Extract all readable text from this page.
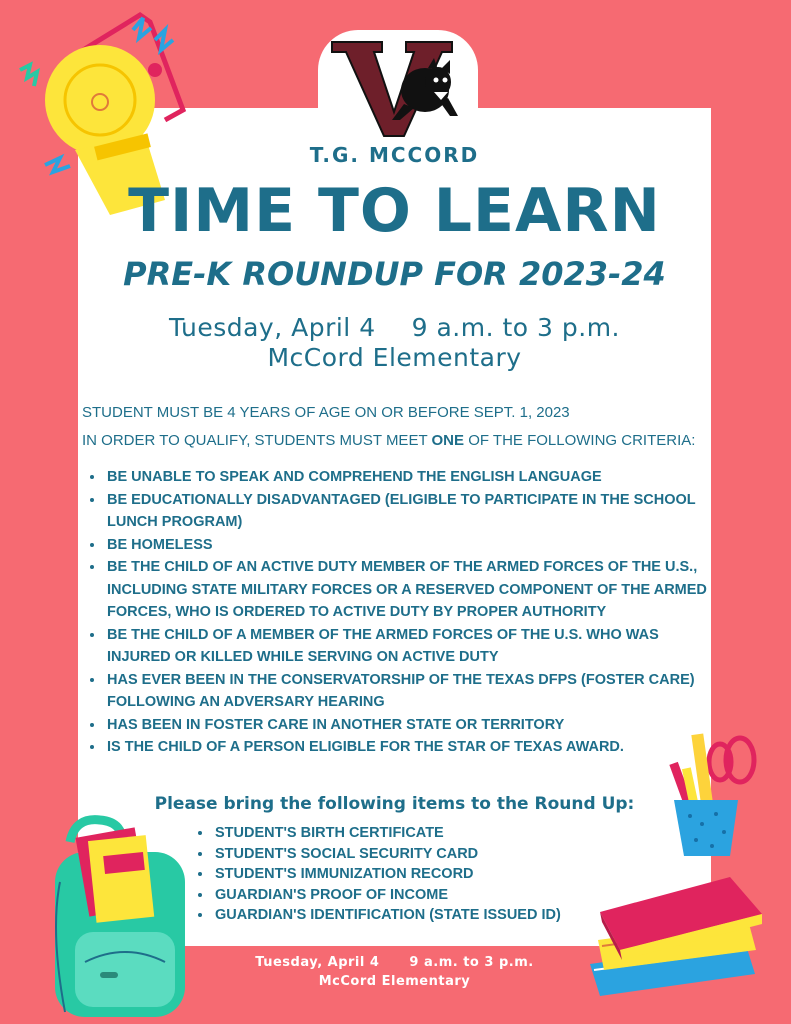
T.G. MCCORD
TIME TO LEARN
PRE-K ROUNDUP FOR 2023-24
Tuesday, April 4 9 a.m. to 3 p.m.
McCord Elementary
STUDENT MUST BE 4 YEARS OF AGE ON OR BEFORE SEPT. 1, 2023
IN ORDER TO QUALIFY, STUDENTS MUST MEET ONE OF THE FOLLOWING CRITERIA:
• BE UNABLE TO SPEAK AND COMPREHEND THE ENGLISH LANGUAGE
• BE EDUCATIONALLY DISADVANTAGED (ELIGIBLE TO PARTICIPATE IN THE SCHOOL LUNCH PROGRAM)
• BE HOMELESS
• BE THE CHILD OF AN ACTIVE DUTY MEMBER OF THE ARMED FORCES OF THE U.S., INCLUDING STATE MILITARY FORCES OR A RESERVED COMPONENT OF THE ARMED FORCES, WHO IS ORDERED TO ACTIVE DUTY BY PROPER AUTHORITY
• BE THE CHILD OF A MEMBER OF THE ARMED FORCES OF THE U.S. WHO WAS INJURED OR KILLED WHILE SERVING ON ACTIVE DUTY
• HAS EVER BEEN IN THE CONSERVATORSHIP OF THE TEXAS DFPS (FOSTER CARE) FOLLOWING AN ADVERSARY HEARING
• HAS BEEN IN FOSTER CARE IN ANOTHER STATE OR TERRITORY
• IS THE CHILD OF A PERSON ELIGIBLE FOR THE STAR OF TEXAS AWARD.
Please bring the following items to the Round Up:
• STUDENT'S BIRTH CERTIFICATE
• STUDENT'S SOCIAL SECURITY CARD
• STUDENT'S IMMUNIZATION RECORD
• GUARDIAN'S PROOF OF INCOME
• GUARDIAN'S IDENTIFICATION (STATE ISSUED ID)
Tuesday, April 4 9 a.m. to 3 p.m.
McCord Elementary
